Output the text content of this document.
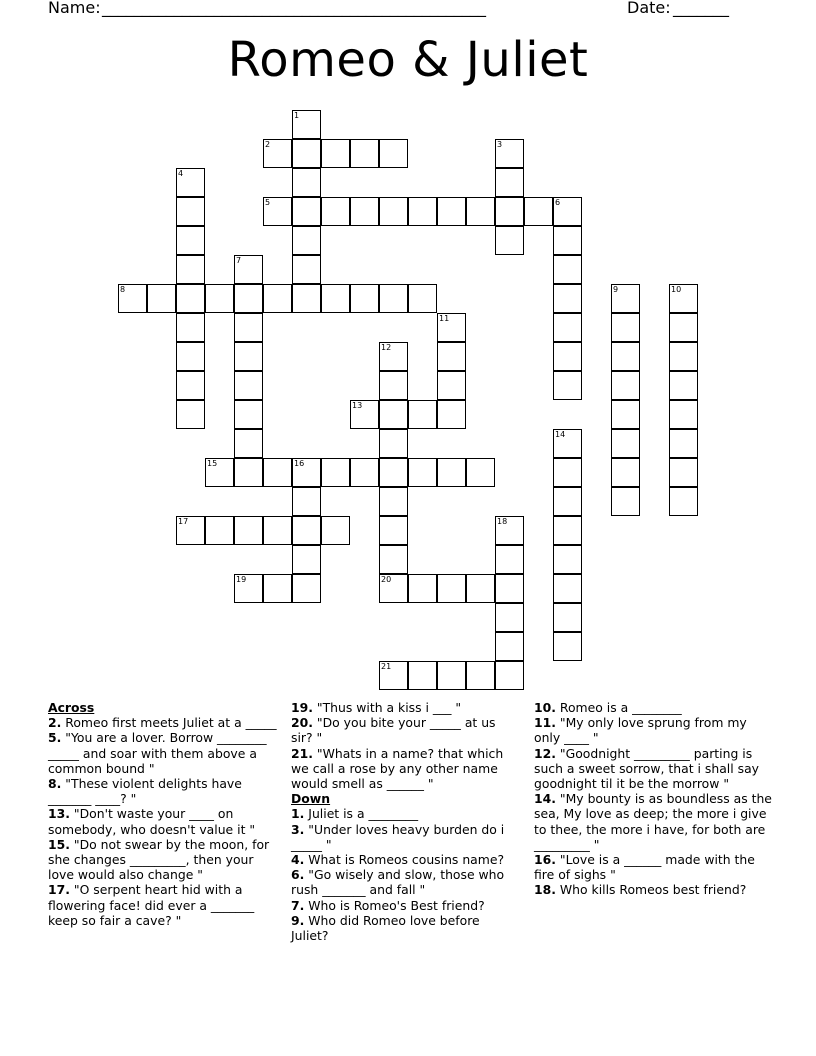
Name: ________________________________________________	Date: _______
Romeo & Juliet
1
2	3
4
5	6
7
8	9	10
11
12
13
14
15	16
17	18
19	20
21
Across
2. Romeo first meets Juliet at a _____
5. "You are a lover. Borrow ________ _____ and soar with them above a common bound "
8. "These violent delights have _______ ____? "
13. "Don't waste your ____ on somebody, who doesn't value it "
15. "Do not swear by the moon, for she changes _________, then your love would also change "
17. "O serpent heart hid with a flowering face! did ever a _______ keep so fair a cave? "
19. "Thus with a kiss i ___ "
20. "Do you bite your _____ at us sir? "
21. "Whats in a name? that which we call a rose by any other name would smell as ______ "
Down
1. Juliet is a ________
3. "Under loves heavy burden do i _____ "
4. What is Romeos cousins name?
6. "Go wisely and slow, those who rush _______ and fall "
7. Who is Romeo's Best friend?
9. Who did Romeo love before Juliet?
10. Romeo is a ________
11. "My only love sprung from my only ____ "
12. "Goodnight _________ parting is such a sweet sorrow, that i shall say goodnight til it be the morrow "
14. "My bounty is as boundless as the sea, My love as deep; the more i give to thee, the more i have, for both are _________ "
16. "Love is a ______ made with the fire of sighs "
18. Who kills Romeos best friend?
